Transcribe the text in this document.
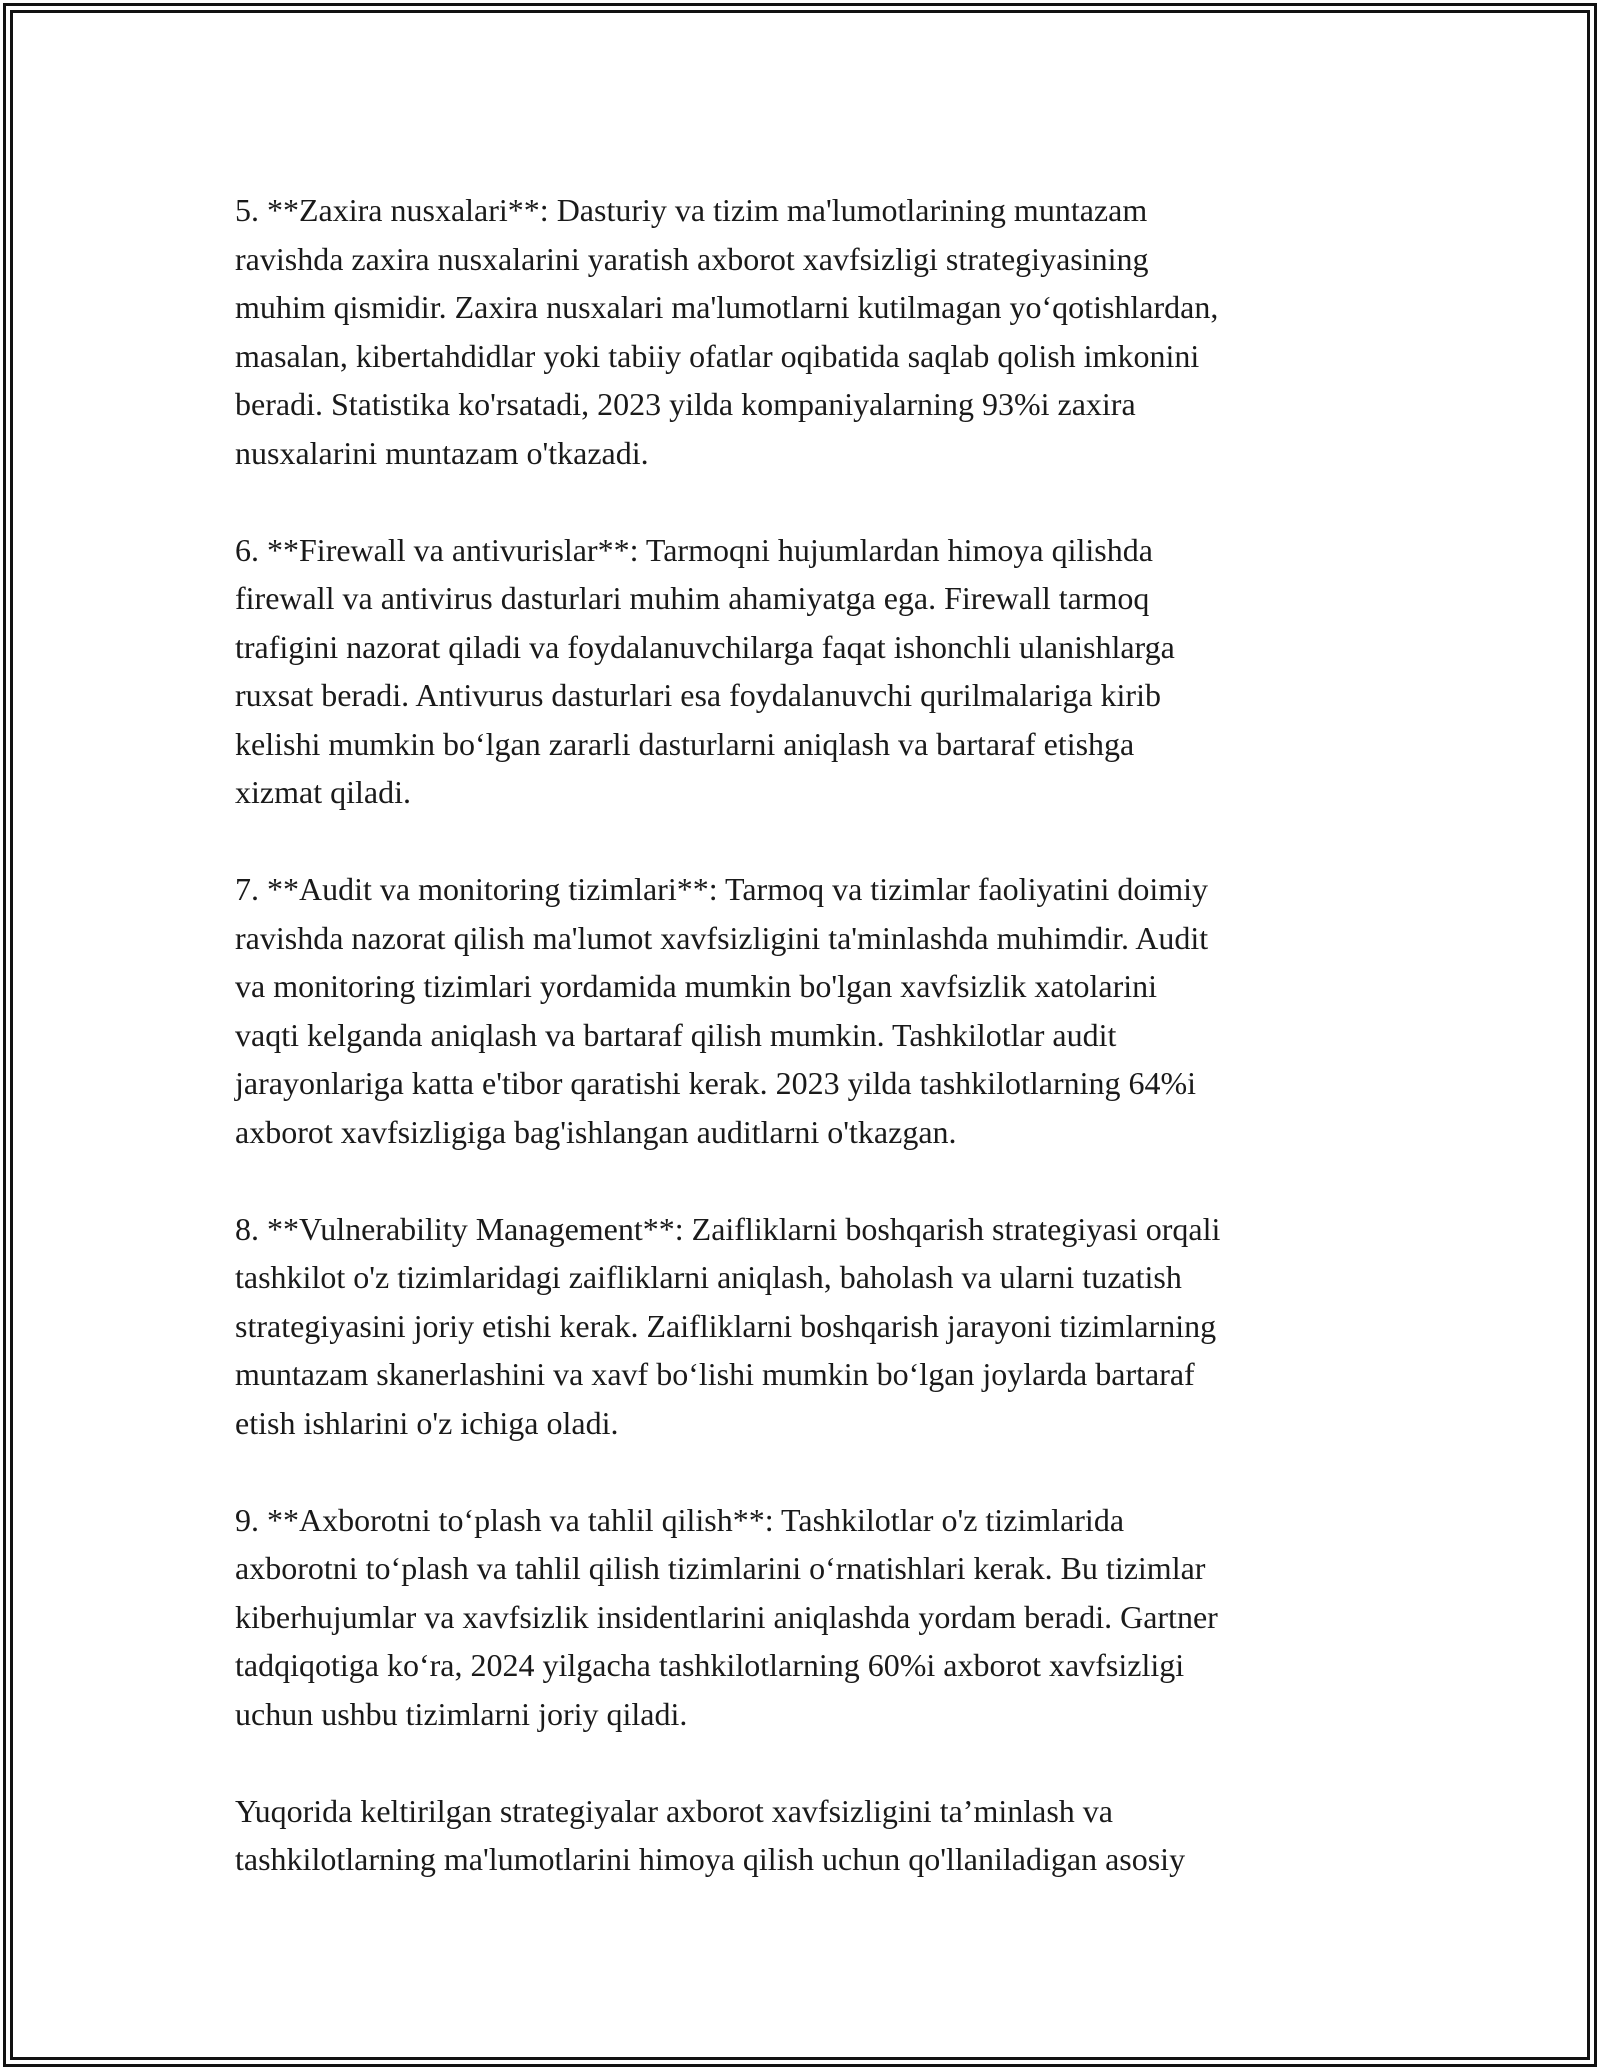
5. **Zaxira nusxalari**: Dasturiy va tizim ma'lumotlarining muntazam
ravishda zaxira nusxalarini yaratish axborot xavfsizligi strategiyasining
muhim qismidir. Zaxira nusxalari ma'lumotlarni kutilmagan yo‘qotishlardan,
masalan, kibertahdidlar yoki tabiiy ofatlar oqibatida saqlab qolish imkonini
beradi. Statistika ko'rsatadi, 2023 yilda kompaniyalarning 93%i zaxira
nusxalarini muntazam o'tkazadi.

6. **Firewall va antivurislar**: Tarmoqni hujumlardan himoya qilishda
firewall va antivirus dasturlari muhim ahamiyatga ega. Firewall tarmoq
trafigini nazorat qiladi va foydalanuvchilarga faqat ishonchli ulanishlarga
ruxsat beradi. Antivurus dasturlari esa foydalanuvchi qurilmalariga kirib
kelishi mumkin bo‘lgan zararli dasturlarni aniqlash va bartaraf etishga
xizmat qiladi.

7. **Audit va monitoring tizimlari**: Tarmoq va tizimlar faoliyatini doimiy
ravishda nazorat qilish ma'lumot xavfsizligini ta'minlashda muhimdir. Audit
va monitoring tizimlari yordamida mumkin bo'lgan xavfsizlik xatolarini
vaqti kelganda aniqlash va bartaraf qilish mumkin. Tashkilotlar audit
jarayonlariga katta e'tibor qaratishi kerak. 2023 yilda tashkilotlarning 64%i
axborot xavfsizligiga bag'ishlangan auditlarni o'tkazgan.

8. **Vulnerability Management**: Zaifliklarni boshqarish strategiyasi orqali
tashkilot o'z tizimlaridagi zaifliklarni aniqlash, baholash va ularni tuzatish
strategiyasini joriy etishi kerak. Zaifliklarni boshqarish jarayoni tizimlarning
muntazam skanerlashini va xavf bo‘lishi mumkin bo‘lgan joylarda bartaraf
etish ishlarini o'z ichiga oladi.

9. **Axborotni to‘plash va tahlil qilish**: Tashkilotlar o'z tizimlarida
axborotni to‘plash va tahlil qilish tizimlarini o‘rnatishlari kerak. Bu tizimlar
kiberhujumlar va xavfsizlik insidentlarini aniqlashda yordam beradi. Gartner
tadqiqotiga ko‘ra, 2024 yilgacha tashkilotlarning 60%i axborot xavfsizligi
uchun ushbu tizimlarni joriy qiladi.

Yuqorida keltirilgan strategiyalar axborot xavfsizligini ta’minlash va
tashkilotlarning ma'lumotlarini himoya qilish uchun qo'llaniladigan asosiy
